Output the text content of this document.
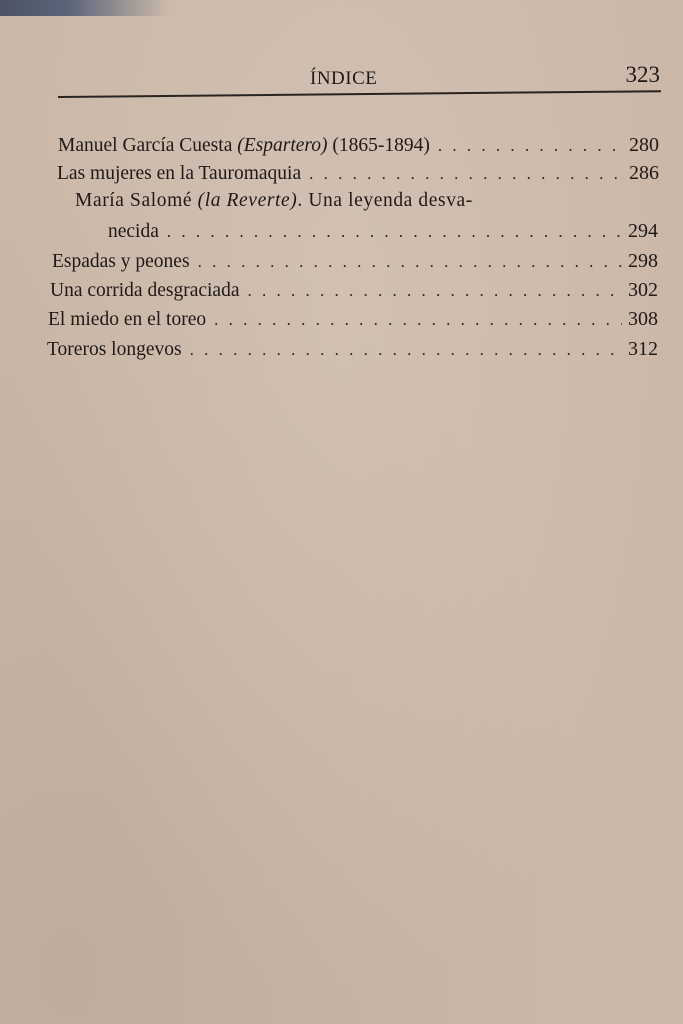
ÍNDICE	323
Manuel García Cuesta (Espartero) (1865-1894) . . .	280
Las mujeres en la Tauromaquia . . .	286
María Salomé (la Reverte). Una leyenda desva-
necida . . .	294
Espadas y peones . . .	298
Una corrida desgraciada . . .	302
El miedo en el toreo . . .	308
Toreros longevos . . .	312
